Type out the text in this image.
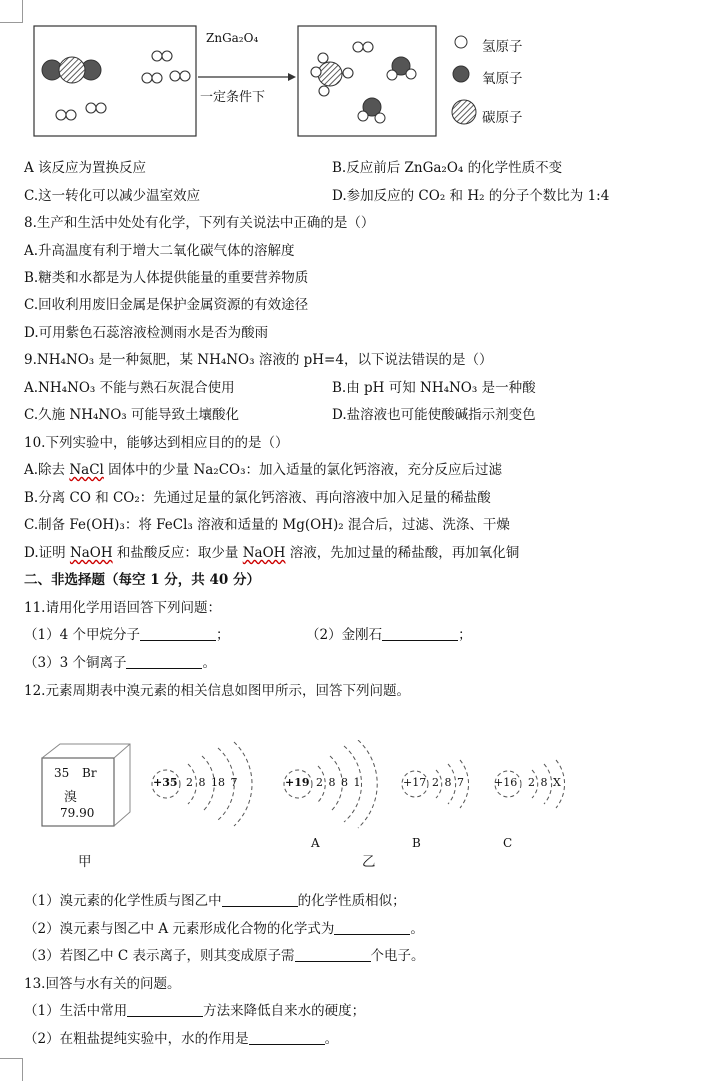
ZnGa₂O₄
一定条件下
氢原子
氧原子
碳原子
A 该反应为置换反应	B.反应前后 ZnGa₂O₄ 的化学性质不变
C.这一转化可以减少温室效应	D.参加反应的 CO₂ 和 H₂ 的分子个数比为 1:4
8.生产和生活中处处有化学，下列有关说法中正确的是（）
A.升高温度有利于增大二氧化碳气体的溶解度
B.糖类和水都是为人体提供能量的重要营养物质
C.回收利用废旧金属是保护金属资源的有效途径
D.可用紫色石蕊溶液检测雨水是否为酸雨
9.NH₄NO₃ 是一种氮肥，某 NH₄NO₃ 溶液的 pH=4，以下说法错误的是（）
A.NH₄NO₃ 不能与熟石灰混合使用	B.由 pH 可知 NH₄NO₃ 是一种酸
C.久施 NH₄NO₃ 可能导致土壤酸化	D.盐溶液也可能使酸碱指示剂变色
10.下列实验中，能够达到相应目的的是（）
A.除去 NaCl 固体中的少量 Na₂CO₃：加入适量的氯化钙溶液，充分反应后过滤
B.分离 CO 和 CO₂：先通过足量的氯化钙溶液、再向溶液中加入足量的稀盐酸
C.制备 Fe(OH)₃：将 FeCl₃ 溶液和适量的 Mg(OH)₂ 混合后，过滤、洗涤、干燥
D.证明 NaOH 和盐酸反应：取少量 NaOH 溶液，先加过量的稀盐酸，再加氧化铜
二、非选择题（每空 1 分，共 40 分）
11.请用化学用语回答下列问题：
（1）4 个甲烷分子	；	（2）金刚石	；
（3）3 个铜离子	。
12.元素周期表中溴元素的相关信息如图甲所示，回答下列问题。
35 Br
溴
79.90
甲
+35 2 8 18 7	+19 2 8 8 1	+17 2 8 7	+16 2 8 X
A	B	C
乙
（1）溴元素的化学性质与图乙中	的化学性质相似；
（2）溴元素与图乙中 A 元素形成化合物的化学式为	。
（3）若图乙中 C 表示离子，则其变成原子需	个电子。
13.回答与水有关的问题。
（1）生活中常用	方法来降低自来水的硬度；
（2）在粗盐提纯实验中，水的作用是	。
